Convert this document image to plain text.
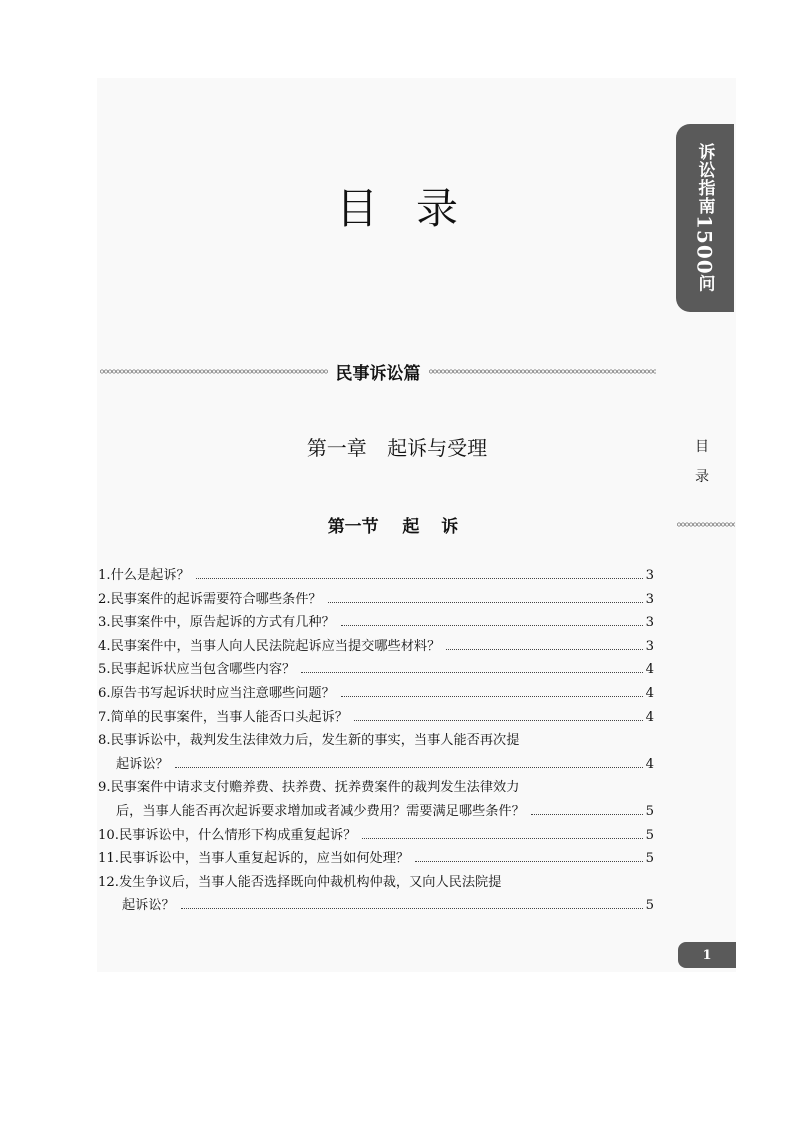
诉讼指南1500问
目录
民事诉讼篇
目
录
第一章 起诉与受理
第一节 起 诉
1.什么是起诉？	3
2.民事案件的起诉需要符合哪些条件？	3
3.民事案件中，原告起诉的方式有几种？	3
4.民事案件中，当事人向人民法院起诉应当提交哪些材料？	3
5.民事起诉状应当包含哪些内容？	4
6.原告书写起诉状时应当注意哪些问题？	4
7.简单的民事案件，当事人能否口头起诉？	4
8.民事诉讼中，裁判发生法律效力后，发生新的事实，当事人能否再次提
起诉讼？	4
9.民事案件中请求支付赡养费、扶养费、抚养费案件的裁判发生法律效力
后，当事人能否再次起诉要求增加或者减少费用？需要满足哪些条件？	5
10.民事诉讼中，什么情形下构成重复起诉？	5
11.民事诉讼中，当事人重复起诉的，应当如何处理？	5
12.发生争议后，当事人能否选择既向仲裁机构仲裁，又向人民法院提
起诉讼？	5
1
